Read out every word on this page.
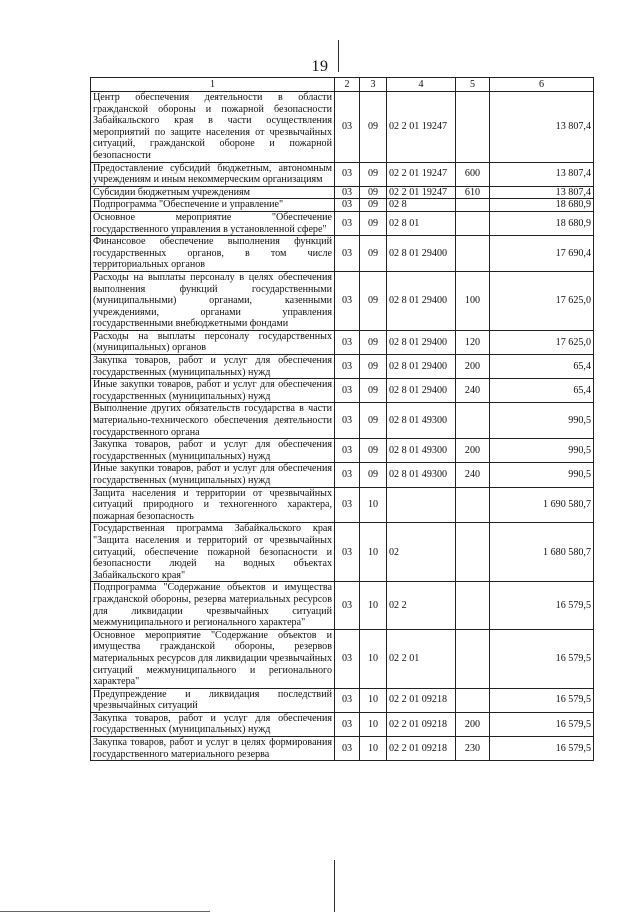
19
1	2	3	4	5	6
Центр обеспечения деятельности в области гражданской обороны и пожарной безопасности Забайкальского края в части осуществления мероприятий по защите населения от чрезвычайных ситуаций, гражданской обороне и пожарной безопасности	03	09	02 2 01 19247		13 807,4
Предоставление субсидий бюджетным, автономным учреждениям и иным некоммерческим организациям	03	09	02 2 01 19247	600	13 807,4
Субсидии бюджетным учреждениям	03	09	02 2 01 19247	610	13 807,4
Подпрограмма "Обеспечение и управление"	03	09	02 8		18 680,9
Основное мероприятие "Обеспечение государственного управления в установленной сфере"	03	09	02 8 01		18 680,9
Финансовое обеспечение выполнения функций государственных органов, в том числе территориальных органов	03	09	02 8 01 29400		17 690,4
Расходы на выплаты персоналу в целях обеспечения выполнения функций государственными (муниципальными) органами, казенными учреждениями, органами управления государственными внебюджетными фондами	03	09	02 8 01 29400	100	17 625,0
Расходы на выплаты персоналу государственных (муниципальных) органов	03	09	02 8 01 29400	120	17 625,0
Закупка товаров, работ и услуг для обеспечения государственных (муниципальных) нужд	03	09	02 8 01 29400	200	65,4
Иные закупки товаров, работ и услуг для обеспечения государственных (муниципальных) нужд	03	09	02 8 01 29400	240	65,4
Выполнение других обязательств государства в части материально-технического обеспечения деятельности государственного органа	03	09	02 8 01 49300		990,5
Закупка товаров, работ и услуг для обеспечения государственных (муниципальных) нужд	03	09	02 8 01 49300	200	990,5
Иные закупки товаров, работ и услуг для обеспечения государственных (муниципальных) нужд	03	09	02 8 01 49300	240	990,5
Защита населения и территории от чрезвычайных ситуаций природного и техногенного характера, пожарная безопасность	03	10			1 690 580,7
Государственная программа Забайкальского края "Защита населения и территорий от чрезвычайных ситуаций, обеспечение пожарной безопасности и безопасности людей на водных объектах Забайкальского края"	03	10	02		1 680 580,7
Подпрограмма "Содержание объектов и имущества гражданской обороны, резерва материальных ресурсов для ликвидации чрезвычайных ситуаций межмуниципального и регионального характера"	03	10	02 2		16 579,5
Основное мероприятие "Содержание объектов и имущества гражданской обороны, резервов материальных ресурсов для ликвидации чрезвычайных ситуаций межмуниципального и регионального характера"	03	10	02 2 01		16 579,5
Предупреждение и ликвидация последствий чрезвычайных ситуаций	03	10	02 2 01 09218		16 579,5
Закупка товаров, работ и услуг для обеспечения государственных (муниципальных) нужд	03	10	02 2 01 09218	200	16 579,5
Закупка товаров, работ и услуг в целях формирования государственного материального резерва	03	10	02 2 01 09218	230	16 579,5
